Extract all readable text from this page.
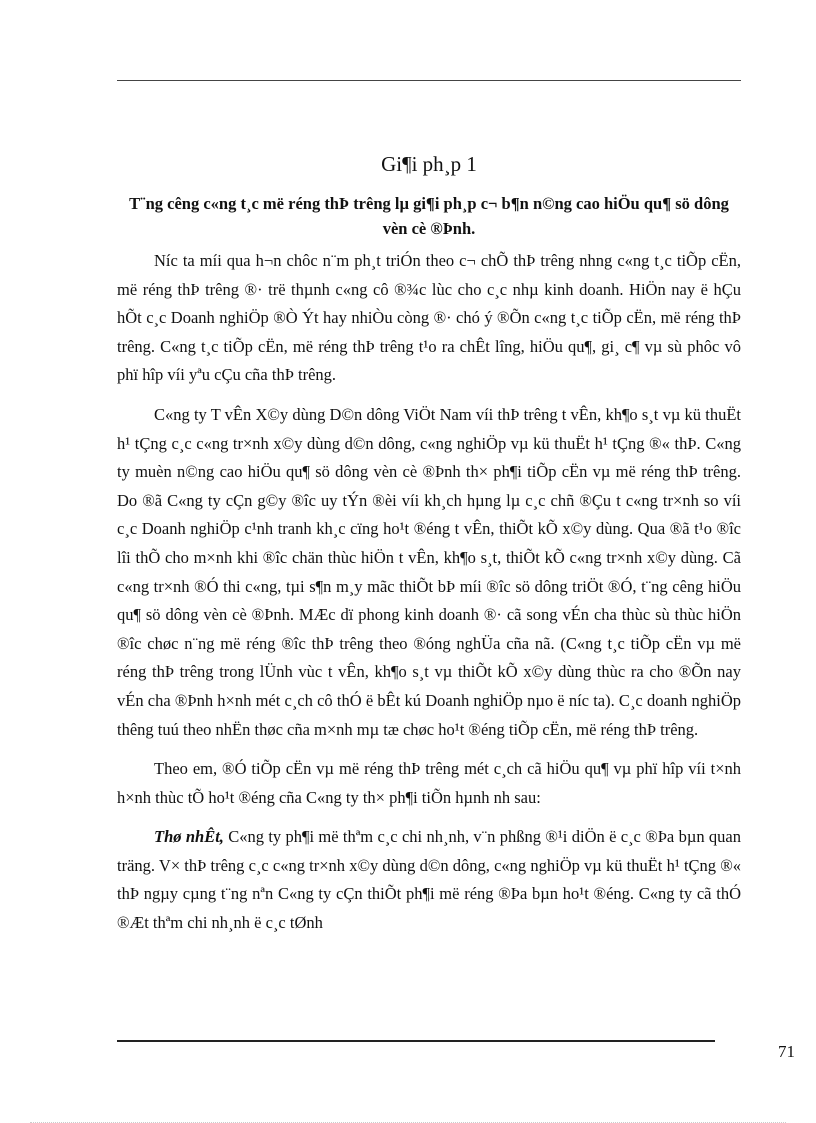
Gi¶i ph¸p 1

T¨ng cêng c«ng t¸c më réng thÞ trêng lµ gi¶i ph¸p c¬ b¶n n©ng cao hiÖu qu¶ sö dông vèn cè ®Þnh.

Níc ta míi qua h¬n chôc n¨m ph¸t triÓn theo c¬ chÕ thÞ trêng nhng c«ng t¸c tiÕp cËn, më réng thÞ trêng ®· trë thµnh c«ng cô ®¾c lùc cho c¸c nhµ kinh doanh. HiÖn nay ë hÇu hÕt c¸c Doanh nghiÖp ®Ò Ýt hay nhiÒu còng ®· chó ý ®Õn c«ng t¸c tiÕp cËn, më réng thÞ trêng. C«ng t¸c tiÕp cËn, më réng thÞ trêng t¹o ra chÊt lîng, hiÖu qu¶, gi¸ c¶ vµ sù phôc vô phï hîp víi yªu cÇu cña thÞ trêng.

C«ng ty T vÊn X©y dùng D©n dông ViÖt Nam víi thÞ trêng t vÊn, kh¶o s¸t vµ kü thuËt h¹ tÇng c¸c c«ng tr×nh x©y dùng d©n dông, c«ng nghiÖp vµ kü thuËt h¹ tÇng ®« thÞ. C«ng ty muèn n©ng cao hiÖu qu¶ sö dông vèn cè ®Þnh th× ph¶i tiÕp cËn vµ më réng thÞ trêng. Do ®ã C«ng ty cÇn g©y ®îc uy tÝn ®èi víi kh¸ch hµng lµ c¸c chñ ®Çu t c«ng tr×nh so víi c¸c Doanh nghiÖp c¹nh tranh kh¸c cïng ho¹t ®éng t vÊn, thiÕt kÕ x©y dùng. Qua ®ã t¹o ®îc lîi thÕ cho m×nh khi ®îc chän thùc hiÖn t vÊn, kh¶o s¸t, thiÕt kÕ c«ng tr×nh x©y dùng. Cã c«ng tr×nh ®Ó thi c«ng, tµi s¶n m¸y mãc thiÕt bÞ míi ®îc sö dông triÖt ®Ó, t¨ng cêng hiÖu qu¶ sö dông vèn cè ®Þnh. MÆc dï phong kinh doanh ®· cã song vÉn cha thùc sù thùc hiÖn ®îc chøc n¨ng më réng ®îc thÞ trêng theo ®óng nghÜa cña nã. (C«ng t¸c tiÕp cËn vµ më réng thÞ trêng trong lÜnh vùc t vÊn, kh¶o s¸t vµ thiÕt kÕ x©y dùng thùc ra cho ®Õn nay vÉn cha ®Þnh h×nh mét c¸ch cô thÓ ë bÊt kú Doanh nghiÖp nµo ë níc ta). C¸c doanh nghiÖp thêng tuú theo nhËn thøc cña m×nh mµ tæ chøc ho¹t ®éng tiÕp cËn, më réng thÞ trêng.

Theo em, ®Ó tiÕp cËn vµ më réng thÞ trêng mét c¸ch cã hiÖu qu¶ vµ phï hîp víi t×nh h×nh thùc tÕ ho¹t ®éng cña C«ng ty th× ph¶i tiÕn hµnh nh sau:

Thø nhÊt, C«ng ty ph¶i më thªm c¸c chi nh¸nh, v¨n phßng ®¹i diÖn ë c¸c ®Þa bµn quan träng. V× thÞ trêng c¸c c«ng tr×nh x©y dùng d©n dông, c«ng nghiÖp vµ kü thuËt h¹ tÇng ®« thÞ ngµy cµng t¨ng nªn C«ng ty cÇn thiÕt ph¶i më réng ®Þa bµn ho¹t ®éng. C«ng ty cã thÓ ®Æt thªm chi nh¸nh ë c¸c tØnh

71
